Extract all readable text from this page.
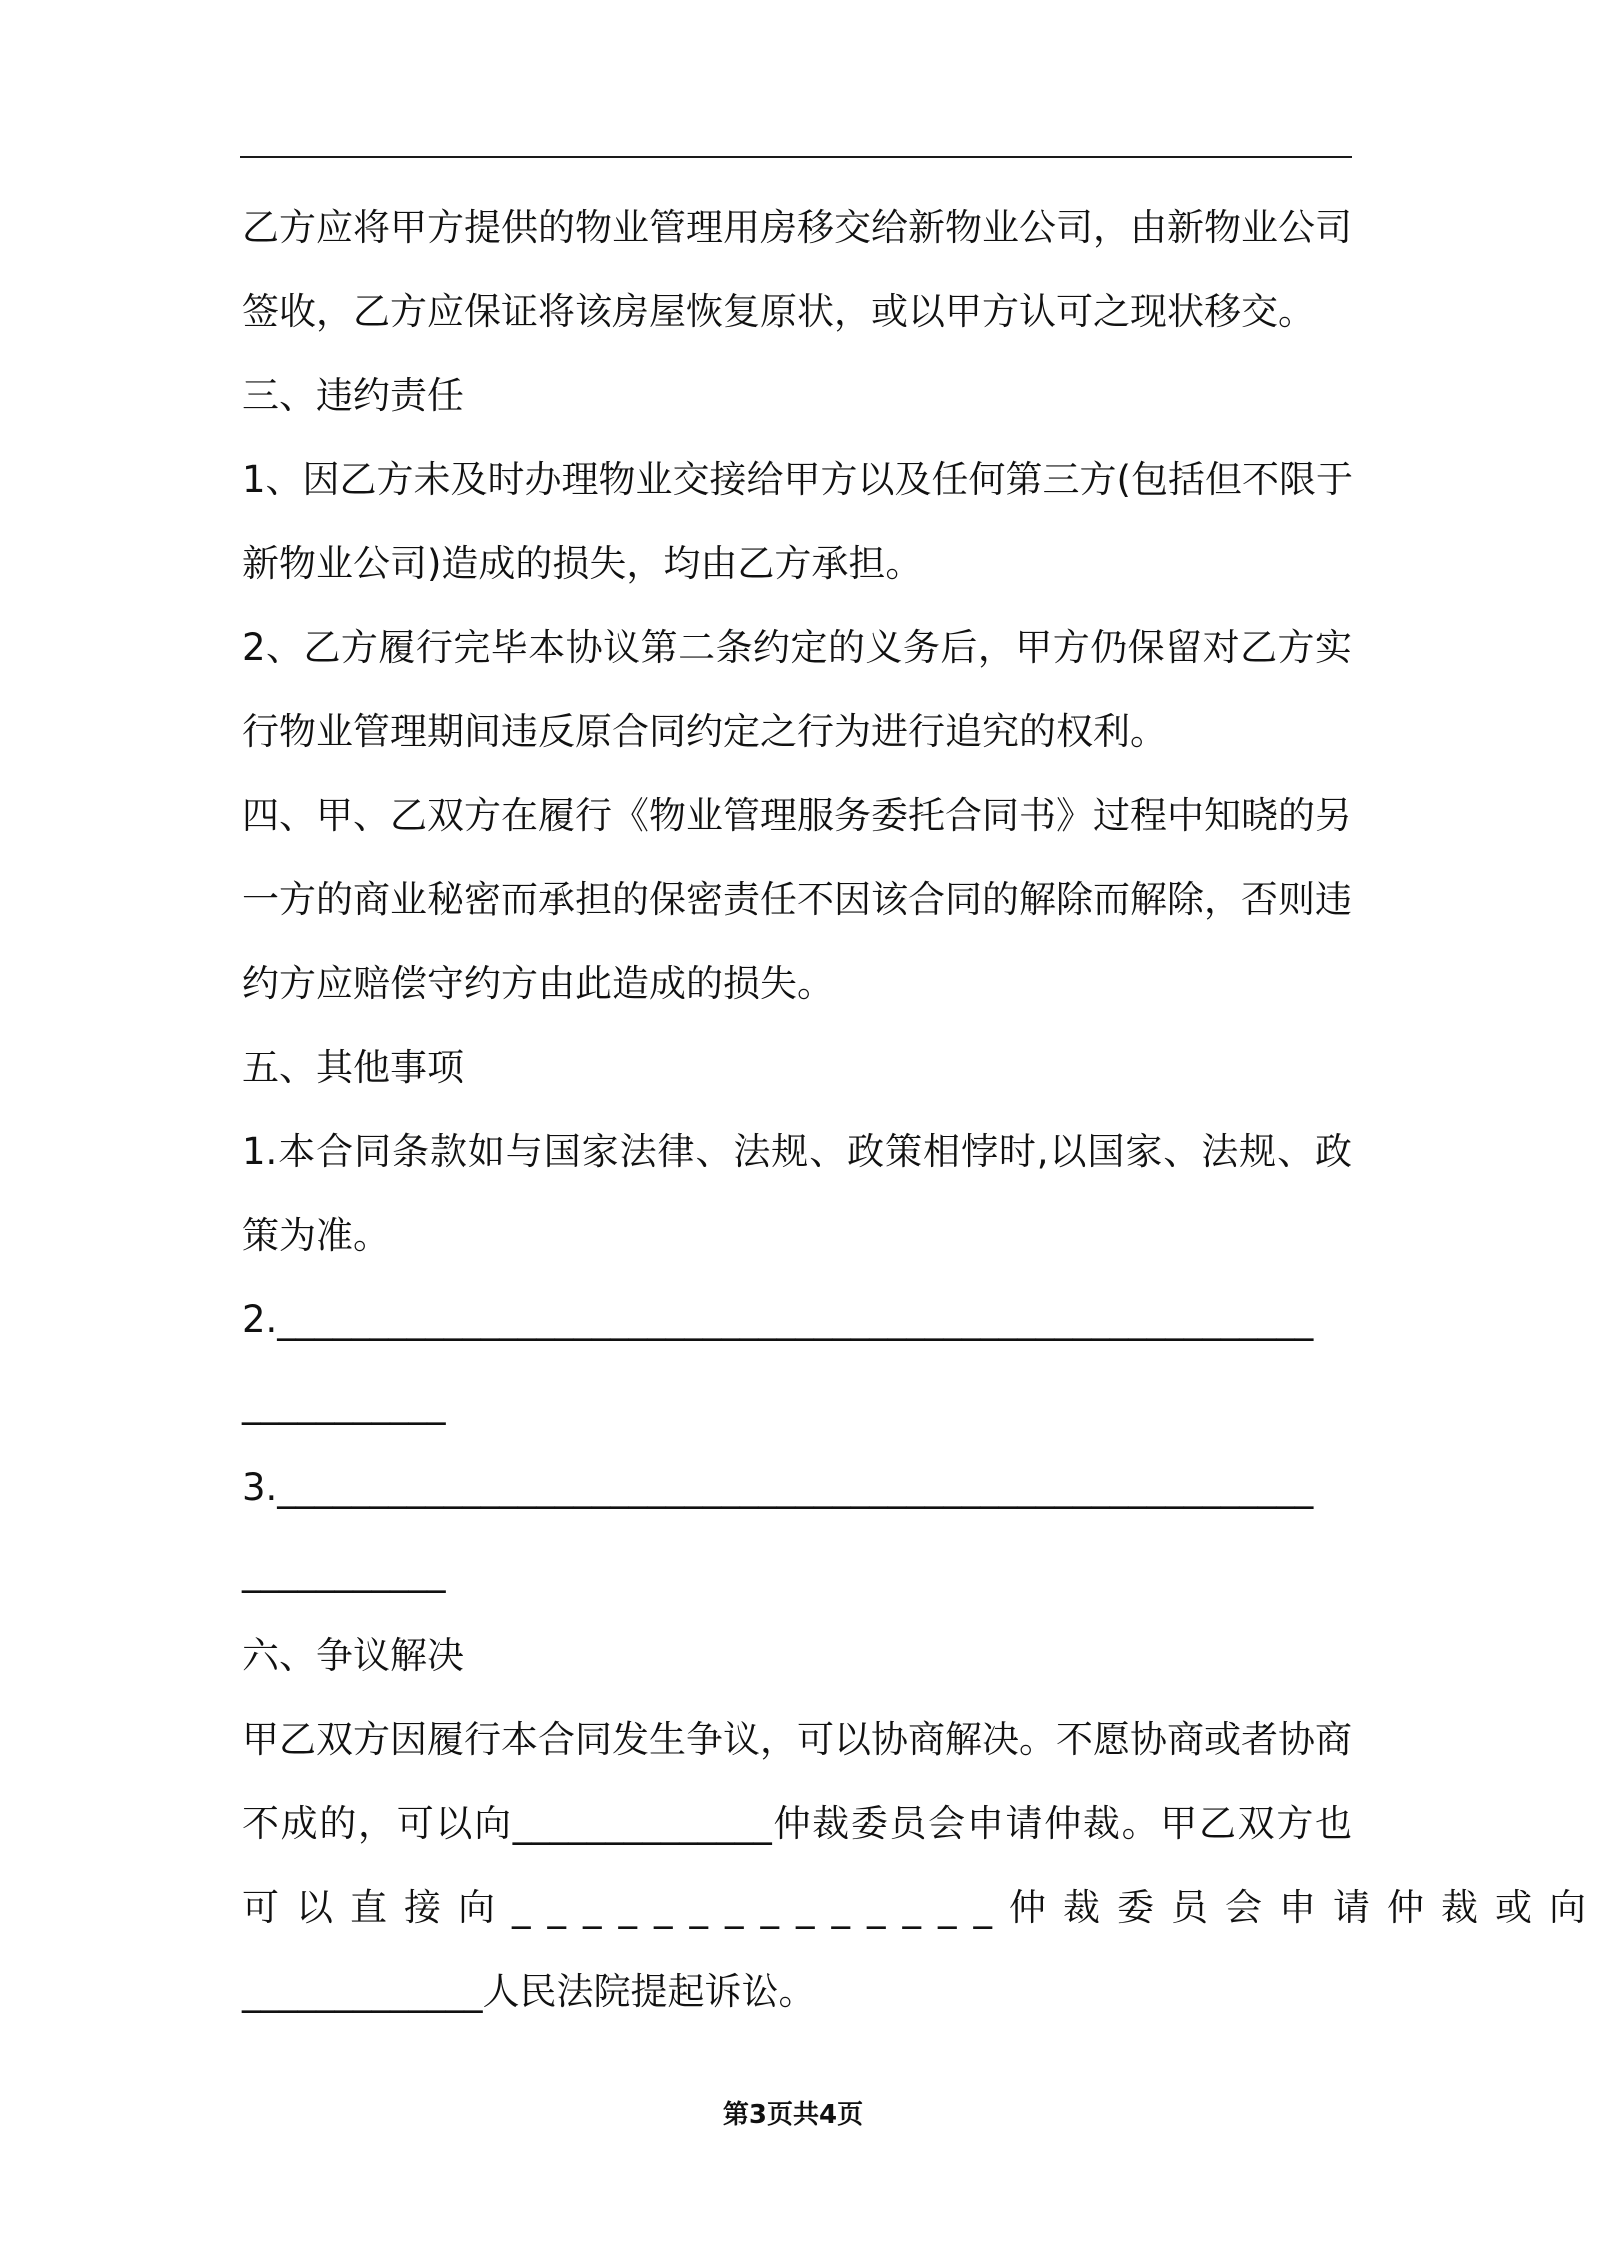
乙方应将甲方提供的物业管理用房移交给新物业公司，由新物业公司
签收，乙方应保证将该房屋恢复原状，或以甲方认可之现状移交。
三、违约责任
1、因乙方未及时办理物业交接给甲方以及任何第三方(包括但不限于
新物业公司)造成的损失，均由乙方承担。
2、乙方履行完毕本协议第二条约定的义务后，甲方仍保留对乙方实
行物业管理期间违反原合同约定之行为进行追究的权利。
四、甲、乙双方在履行《物业管理服务委托合同书》过程中知晓的另
一方的商业秘密而承担的保密责任不因该合同的解除而解除，否则违
约方应赔偿守约方由此造成的损失。
五、其他事项
1.本合同条款如与国家法律、法规、政策相悖时,以国家、法规、政
策为准。
2.________________________________________________________
___________
3.________________________________________________________
___________
六、争议解决
甲乙双方因履行本合同发生争议，可以协商解决。不愿协商或者协商
不成的，可以向______________仲裁委员会申请仲裁。甲乙双方也
可以直接向______________仲裁委员会申请仲裁或向
_____________人民法院提起诉讼。
第3页共4页
